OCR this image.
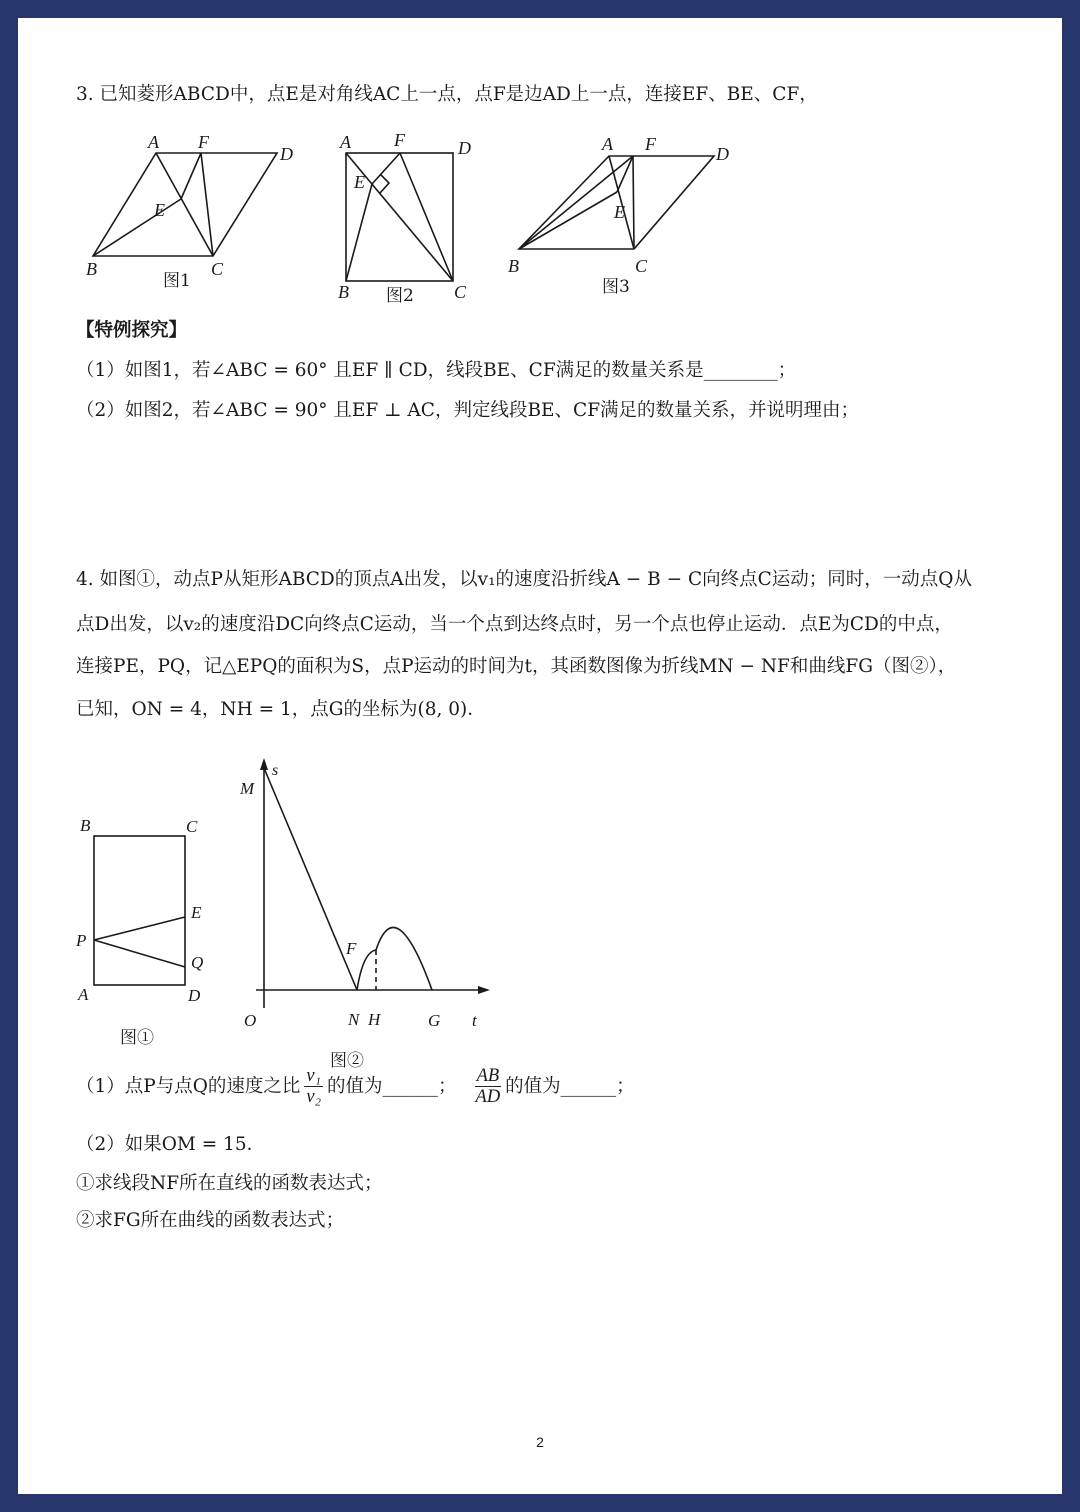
3. 已知菱形ABCD中，点E是对角线AC上一点，点F是边AD上一点，连接EF、BE、CF，
A F
D
E
B	C
图1
A F	D
E
B	C
图2
A F	D
E
B	C
图3
【特例探究】
（1）如图1，若∠ABC = 60° 且EF ∥ CD，线段BE、CF满足的数量关系是________；
（2）如图2，若∠ABC = 90° 且EF ⊥ AC，判定线段BE、CF满足的数量关系，并说明理由；
4. 如图①，动点P从矩形ABCD的顶点A出发，以v₁的速度沿折线A − B − C向终点C运动；同时，一动点Q从
点D出发，以v₂的速度沿DC向终点C运动，当一个点到达终点时，另一个点也停止运动．点E为CD的中点，
连接PE，PQ，记△EPQ的面积为S，点P运动的时间为t，其函数图像为折线MN − NF和曲线FG（图②），
已知，ON = 4，NH = 1，点G的坐标为(8, 0)．
B	C
E
P
Q
A	D
图①
s
M
F
O	N H	G t
图②
（1）点P与点Q的速度之比 $\frac{\text{v₁}}{\text{v₂}}$ 的值为______； $\frac{AB}{AD}$ 的值为______；
（2）如果OM = 15．
①求线段NF所在直线的函数表达式；
②求FG所在曲线的函数表达式；
2
